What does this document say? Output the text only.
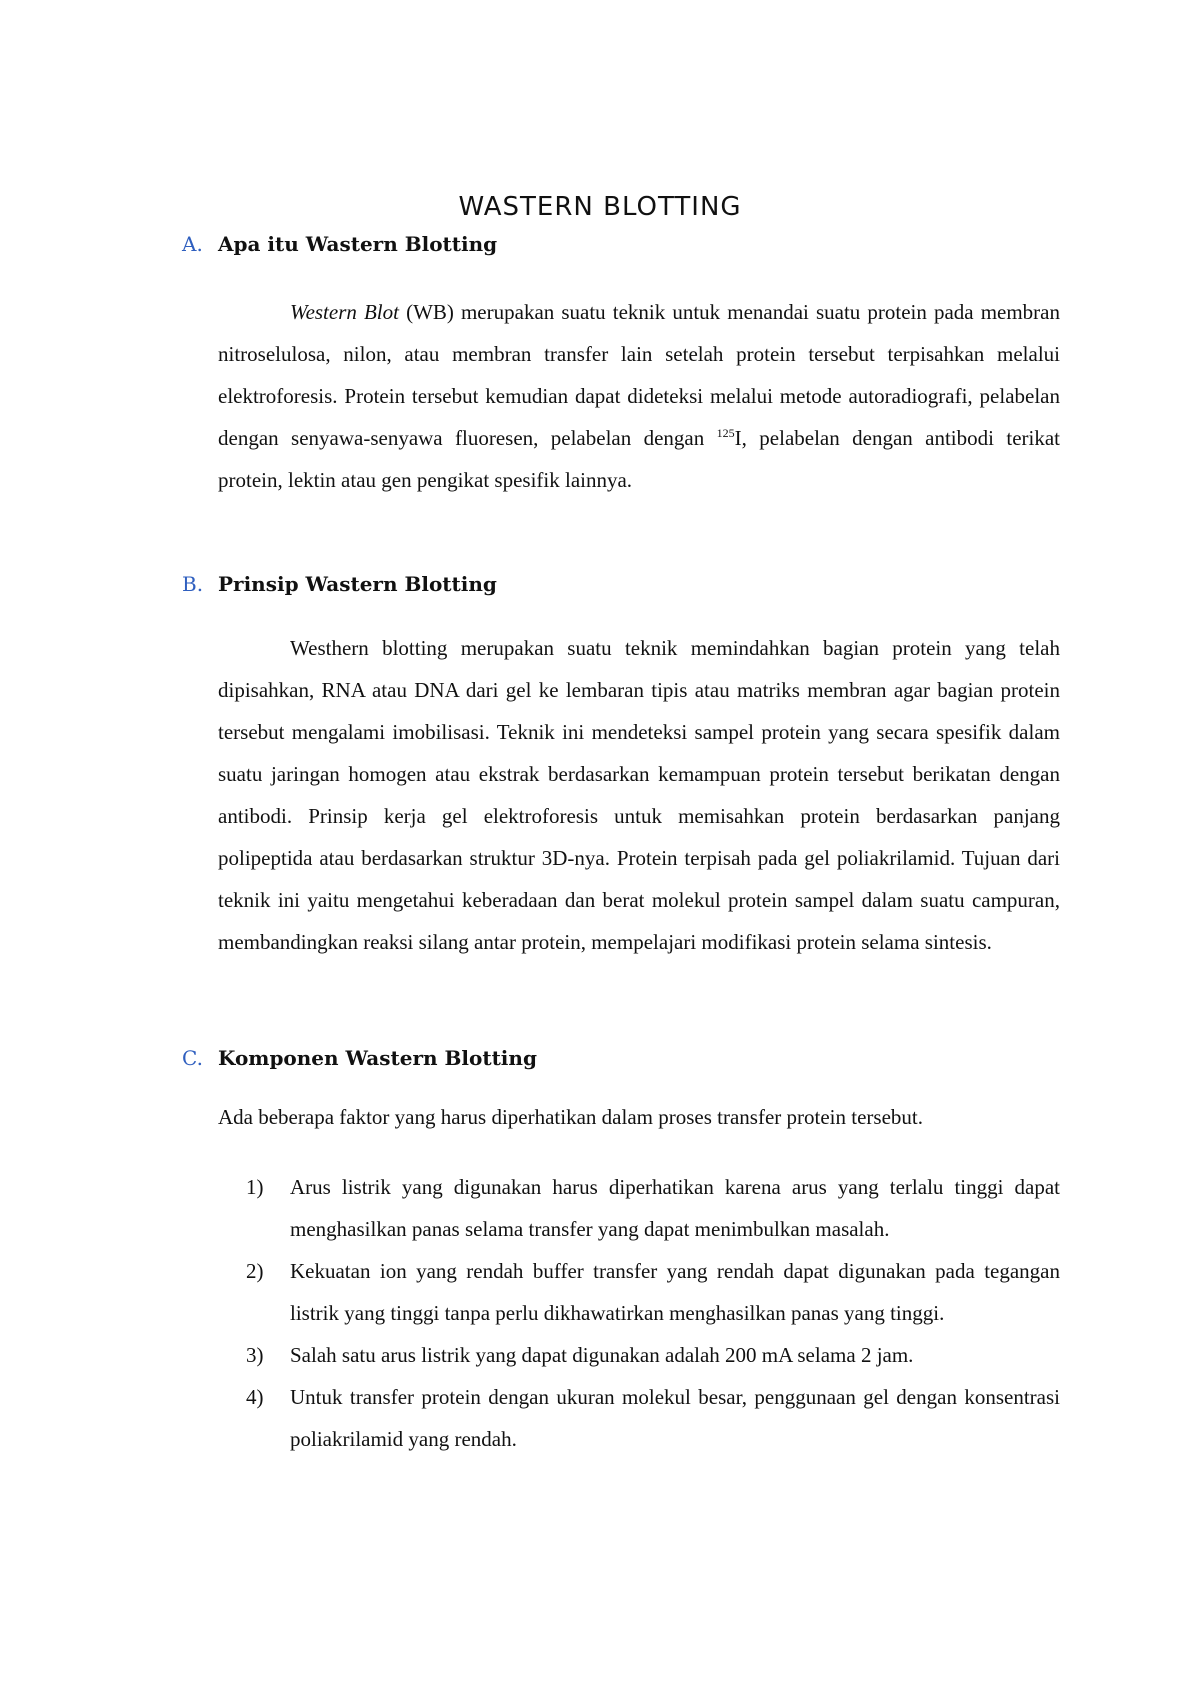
WASTERN BLOTTING
A. Apa itu Wastern Blotting

Western Blot (WB) merupakan suatu teknik untuk menandai suatu protein pada membran nitroselulosa, nilon, atau membran transfer lain setelah protein tersebut terpisahkan melalui elektroforesis. Protein tersebut kemudian dapat dideteksi melalui metode autoradiografi, pelabelan dengan senyawa-senyawa fluoresen, pelabelan dengan $^{125}$I, pelabelan dengan antibodi terikat protein, lektin atau gen pengikat spesifik lainnya.

B. Prinsip Wastern Blotting

Westhern blotting merupakan suatu teknik memindahkan bagian protein yang telah dipisahkan, RNA atau DNA dari gel ke lembaran tipis atau matriks membran agar bagian protein tersebut mengalami imobilisasi. Teknik ini mendeteksi sampel protein yang secara spesifik dalam suatu jaringan homogen atau ekstrak berdasarkan kemampuan protein tersebut berikatan dengan antibodi. Prinsip kerja gel elektroforesis untuk memisahkan protein berdasarkan panjang polipeptida atau berdasarkan struktur 3D-nya. Protein terpisah pada gel poliakrilamid. Tujuan dari teknik ini yaitu mengetahui keberadaan dan berat molekul protein sampel dalam suatu campuran, membandingkan reaksi silang antar protein, mempelajari modifikasi protein selama sintesis.

C. Komponen Wastern Blotting

Ada beberapa faktor yang harus diperhatikan dalam proses transfer protein tersebut.

1) Arus listrik yang digunakan harus diperhatikan karena arus yang terlalu tinggi dapat menghasilkan panas selama transfer yang dapat menimbulkan masalah.
2) Kekuatan ion yang rendah buffer transfer yang rendah dapat digunakan pada tegangan listrik yang tinggi tanpa perlu dikhawatirkan menghasilkan panas yang tinggi.
3) Salah satu arus listrik yang dapat digunakan adalah 200 mA selama 2 jam.
4) Untuk transfer protein dengan ukuran molekul besar, penggunaan gel dengan konsentrasi poliakrilamid yang rendah.
